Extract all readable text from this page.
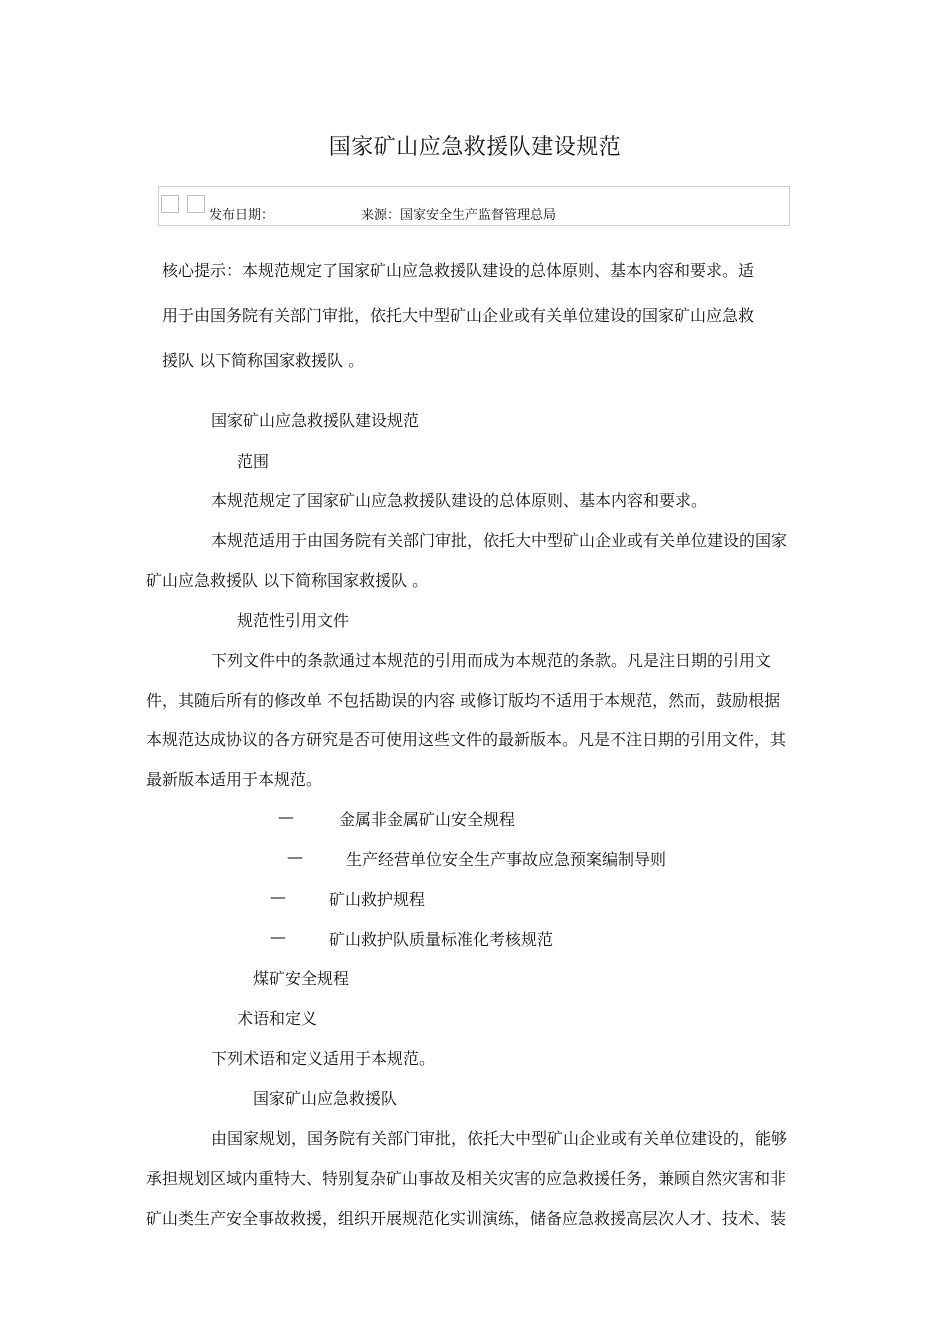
国家矿山应急救援队建设规范
发布日期：	来源：国家安全生产监督管理总局
核心提示：本规范规定了国家矿山应急救援队建设的总体原则、基本内容和要求。适
用于由国务院有关部门审批，依托大中型矿山企业或有关单位建设的国家矿山应急救
援队 以下简称国家救援队 。
国家矿山应急救援队建设规范
范围
本规范规定了国家矿山应急救援队建设的总体原则、基本内容和要求。
本规范适用于由国务院有关部门审批，依托大中型矿山企业或有关单位建设的国家
矿山应急救援队 以下简称国家救援队 。
规范性引用文件
下列文件中的条款通过本规范的引用而成为本规范的条款。凡是注日期的引用文
件，其随后所有的修改单 不包括勘误的内容 或修订版均不适用于本规范，然而，鼓励根据
本规范达成协议的各方研究是否可使用这些文件的最新版本。凡是不注日期的引用文件，其
最新版本适用于本规范。
—	金属非金属矿山安全规程
—	生产经营单位安全生产事故应急预案编制导则
—	矿山救护规程
—	矿山救护队质量标准化考核规范
煤矿安全规程
术语和定义
下列术语和定义适用于本规范。
国家矿山应急救援队
由国家规划，国务院有关部门审批，依托大中型矿山企业或有关单位建设的，能够
承担规划区域内重特大、特别复杂矿山事故及相关灾害的应急救援任务，兼顾自然灾害和非
矿山类生产安全事故救援，组织开展规范化实训演练，储备应急救援高层次人才、技术、装
